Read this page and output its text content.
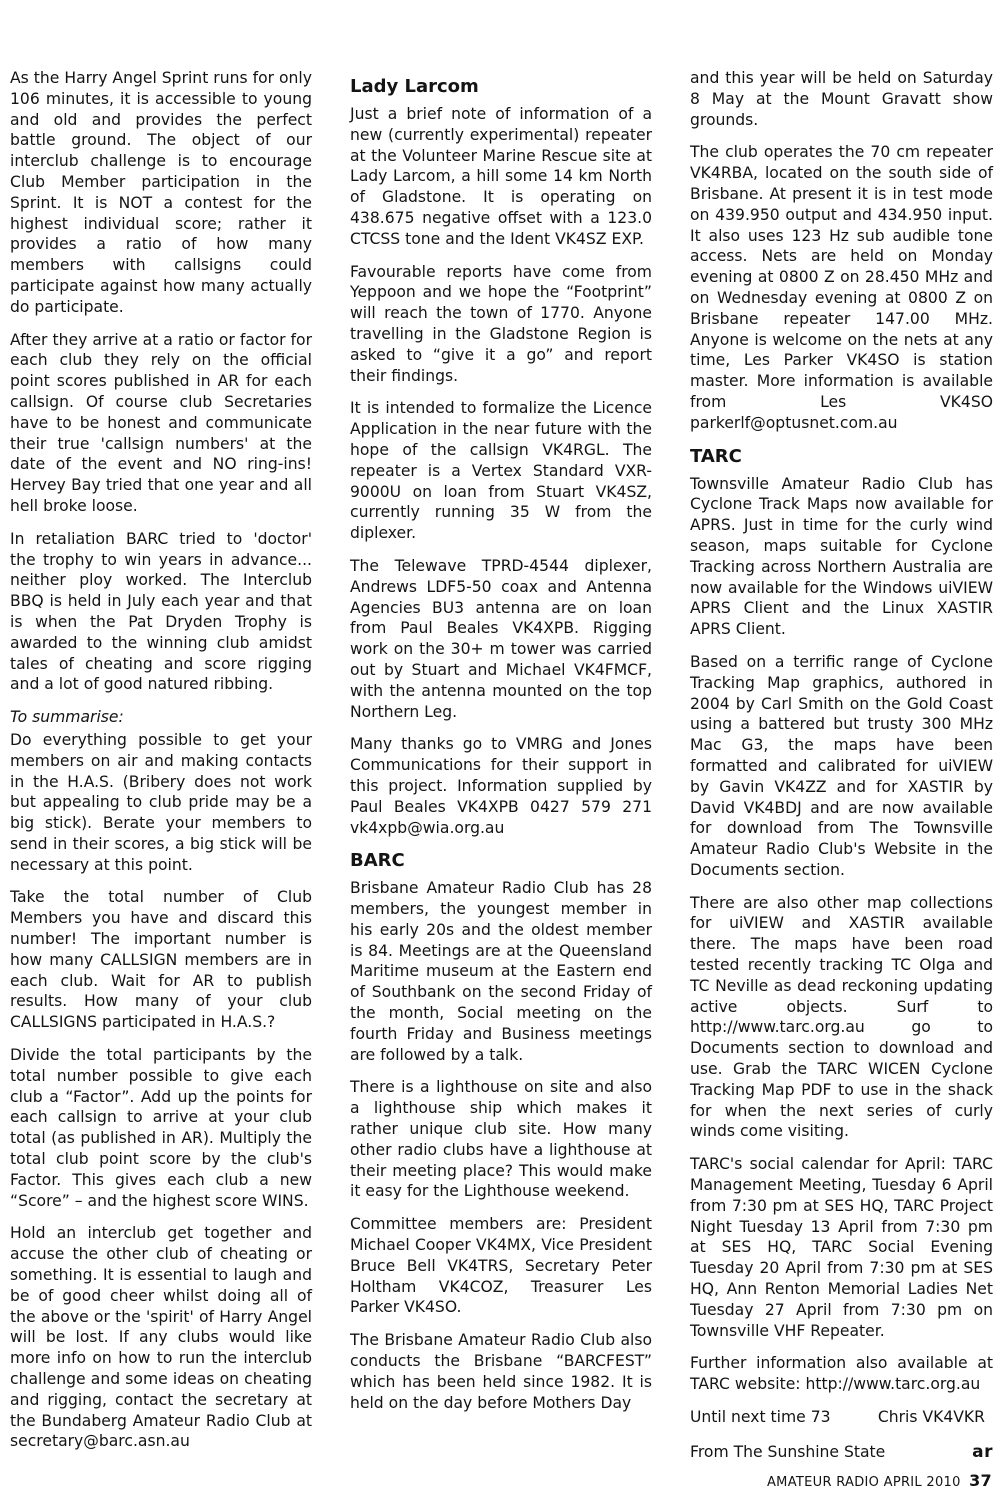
As the Harry Angel Sprint runs for only 106 minutes, it is accessible to young and old and provides the perfect battle ground. The object of our interclub challenge is to encourage Club Member participation in the Sprint. It is NOT a contest for the highest individual score; rather it provides a ratio of how many members with callsigns could participate against how many actually do participate.

After they arrive at a ratio or factor for each club they rely on the official point scores published in AR for each callsign. Of course club Secretaries have to be honest and communicate their true 'callsign numbers' at the date of the event and NO ring-ins! Hervey Bay tried that one year and all hell broke loose.

In retaliation BARC tried to 'doctor' the trophy to win years in advance... neither ploy worked. The Interclub BBQ is held in July each year and that is when the Pat Dryden Trophy is awarded to the winning club amidst tales of cheating and score rigging and a lot of good natured ribbing.

To summarise:

Do everything possible to get your members on air and making contacts in the H.A.S. (Bribery does not work but appealing to club pride may be a big stick). Berate your members to send in their scores, a big stick will be necessary at this point.

Take the total number of Club Members you have and discard this number! The important number is how many CALLSIGN members are in each club. Wait for AR to publish results. How many of your club CALLSIGNS participated in H.A.S.?

Divide the total participants by the total number possible to give each club a “Factor”. Add up the points for each callsign to arrive at your club total (as published in AR). Multiply the total club point score by the club's Factor. This gives each club a new “Score” – and the highest score WINS.

Hold an interclub get together and accuse the other club of cheating or something. It is essential to laugh and be of good cheer whilst doing all of the above or the 'spirit' of Harry Angel will be lost. If any clubs would like more info on how to run the interclub challenge and some ideas on cheating and rigging, contact the secretary at the Bundaberg Amateur Radio Club at secretary@barc.asn.au

Lady Larcom

Just a brief note of information of a new (currently experimental) repeater at the Volunteer Marine Rescue site at Lady Larcom, a hill some 14 km North of Gladstone. It is operating on 438.675 negative offset with a 123.0 CTCSS tone and the Ident VK4SZ EXP.

Favourable reports have come from Yeppoon and we hope the “Footprint” will reach the town of 1770. Anyone travelling in the Gladstone Region is asked to “give it a go” and report their findings.

It is intended to formalize the Licence Application in the near future with the hope of the callsign VK4RGL. The repeater is a Vertex Standard VXR-9000U on loan from Stuart VK4SZ, currently running 35 W from the diplexer.

The Telewave TPRD-4544 diplexer, Andrews LDF5-50 coax and Antenna Agencies BU3 antenna are on loan from Paul Beales VK4XPB. Rigging work on the 30+ m tower was carried out by Stuart and Michael VK4FMCF, with the antenna mounted on the top Northern Leg.

Many thanks go to VMRG and Jones Communications for their support in this project. Information supplied by Paul Beales VK4XPB 0427 579 271 vk4xpb@wia.org.au

BARC

Brisbane Amateur Radio Club has 28 members, the youngest member in his early 20s and the oldest member is 84. Meetings are at the Queensland Maritime museum at the Eastern end of Southbank on the second Friday of the month, Social meeting on the fourth Friday and Business meetings are followed by a talk.

There is a lighthouse on site and also a lighthouse ship which makes it rather unique club site. How many other radio clubs have a lighthouse at their meeting place? This would make it easy for the Lighthouse weekend.

Committee members are: President Michael Cooper VK4MX, Vice President Bruce Bell VK4TRS, Secretary Peter Holtham VK4COZ, Treasurer Les Parker VK4SO.

The Brisbane Amateur Radio Club also conducts the Brisbane “BARCFEST” which has been held since 1982. It is held on the day before Mothers Day

and this year will be held on Saturday 8 May at the Mount Gravatt show grounds.

The club operates the 70 cm repeater VK4RBA, located on the south side of Brisbane. At present it is in test mode on 439.950 output and 434.950 input. It also uses 123 Hz sub audible tone access. Nets are held on Monday evening at 0800 Z on 28.450 MHz and on Wednesday evening at 0800 Z on Brisbane repeater 147.00 MHz. Anyone is welcome on the nets at any time, Les Parker VK4SO is station master. More information is available from Les VK4SO parkerlf@optusnet.com.au

TARC

Townsville Amateur Radio Club has Cyclone Track Maps now available for APRS. Just in time for the curly wind season, maps suitable for Cyclone Tracking across Northern Australia are now available for the Windows uiVIEW APRS Client and the Linux XASTIR APRS Client.

Based on a terrific range of Cyclone Tracking Map graphics, authored in 2004 by Carl Smith on the Gold Coast using a battered but trusty 300 MHz Mac G3, the maps have been formatted and calibrated for uiVIEW by Gavin VK4ZZ and for XASTIR by David VK4BDJ and are now available for download from The Townsville Amateur Radio Club's Website in the Documents section.

There are also other map collections for uiVIEW and XASTIR available there. The maps have been road tested recently tracking TC Olga and TC Neville as dead reckoning updating active objects. Surf to http://www.tarc.org.au go to Documents section to download and use. Grab the TARC WICEN Cyclone Tracking Map PDF to use in the shack for when the next series of curly winds come visiting.

TARC's social calendar for April: TARC Management Meeting, Tuesday 6 April from 7:30 pm at SES HQ, TARC Project Night Tuesday 13 April from 7:30 pm at SES HQ, TARC Social Evening Tuesday 20 April from 7:30 pm at SES HQ, Ann Renton Memorial Ladies Net Tuesday 27 April from 7:30 pm on Townsville VHF Repeater.

Further information also available at TARC website: http://www.tarc.org.au

Until next time 73	Chris VK4VKR
From The Sunshine State	ar
AMATEUR RADIO APRIL 2010 37
